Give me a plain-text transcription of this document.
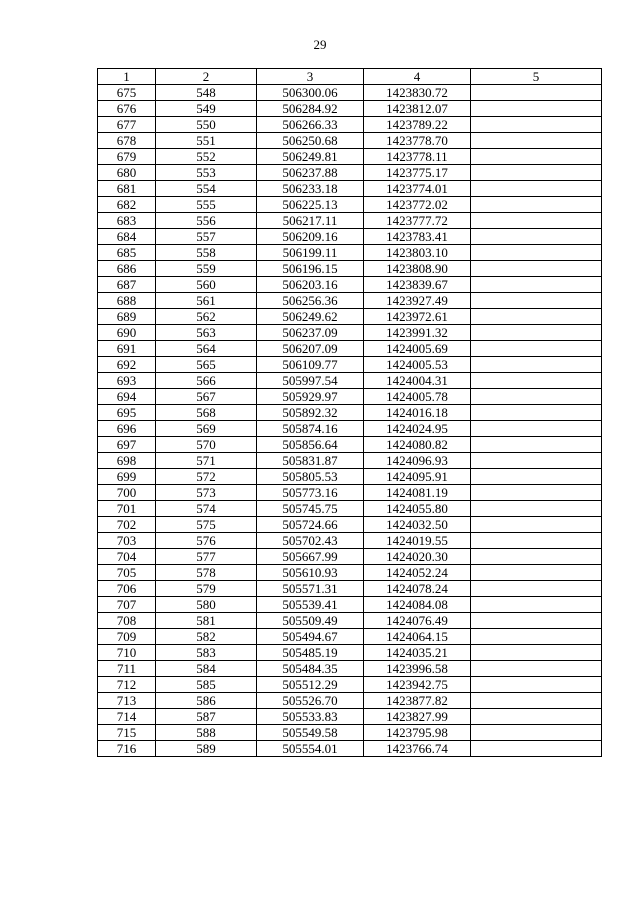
29
1	2	3	4	5
675	548	506300.06	1423830.72	
676	549	506284.92	1423812.07	
677	550	506266.33	1423789.22	
678	551	506250.68	1423778.70	
679	552	506249.81	1423778.11	
680	553	506237.88	1423775.17	
681	554	506233.18	1423774.01	
682	555	506225.13	1423772.02	
683	556	506217.11	1423777.72	
684	557	506209.16	1423783.41	
685	558	506199.11	1423803.10	
686	559	506196.15	1423808.90	
687	560	506203.16	1423839.67	
688	561	506256.36	1423927.49	
689	562	506249.62	1423972.61	
690	563	506237.09	1423991.32	
691	564	506207.09	1424005.69	
692	565	506109.77	1424005.53	
693	566	505997.54	1424004.31	
694	567	505929.97	1424005.78	
695	568	505892.32	1424016.18	
696	569	505874.16	1424024.95	
697	570	505856.64	1424080.82	
698	571	505831.87	1424096.93	
699	572	505805.53	1424095.91	
700	573	505773.16	1424081.19	
701	574	505745.75	1424055.80	
702	575	505724.66	1424032.50	
703	576	505702.43	1424019.55	
704	577	505667.99	1424020.30	
705	578	505610.93	1424052.24	
706	579	505571.31	1424078.24	
707	580	505539.41	1424084.08	
708	581	505509.49	1424076.49	
709	582	505494.67	1424064.15	
710	583	505485.19	1424035.21	
711	584	505484.35	1423996.58	
712	585	505512.29	1423942.75	
713	586	505526.70	1423877.82	
714	587	505533.83	1423827.99	
715	588	505549.58	1423795.98	
716	589	505554.01	1423766.74	
